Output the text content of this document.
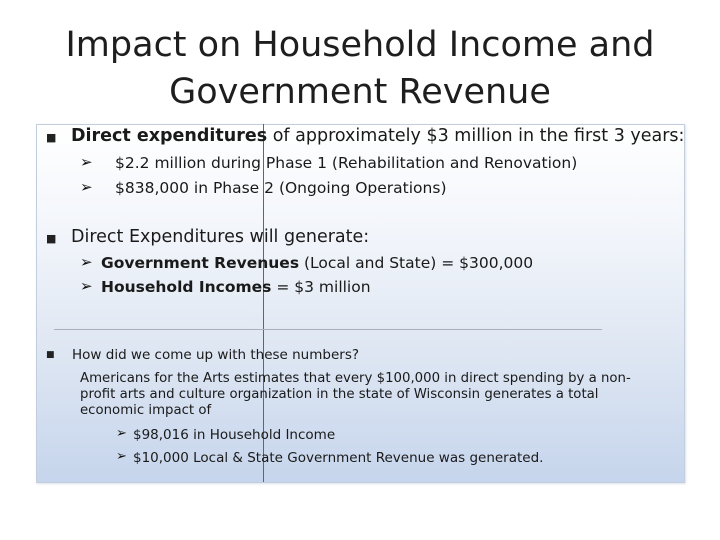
Impact on Household Income and
Government Revenue
■ Direct expenditures of approximately $3 million in the first 3 years:
➢ $2.2 million during Phase 1 (Rehabilitation and Renovation)
➢ $838,000 in Phase 2 (Ongoing Operations)
■ Direct Expenditures will generate:
➢ Government Revenues (Local and State) = $300,000
➢ Household Incomes = $3 million
■ How did we come up with these numbers?
Americans for the Arts estimates that every $100,000 in direct spending by a non-profit arts and culture organization in the state of Wisconsin generates a total economic impact of
➢ $98,016 in Household Income
➢ $10,000 Local & State Government Revenue was generated.
